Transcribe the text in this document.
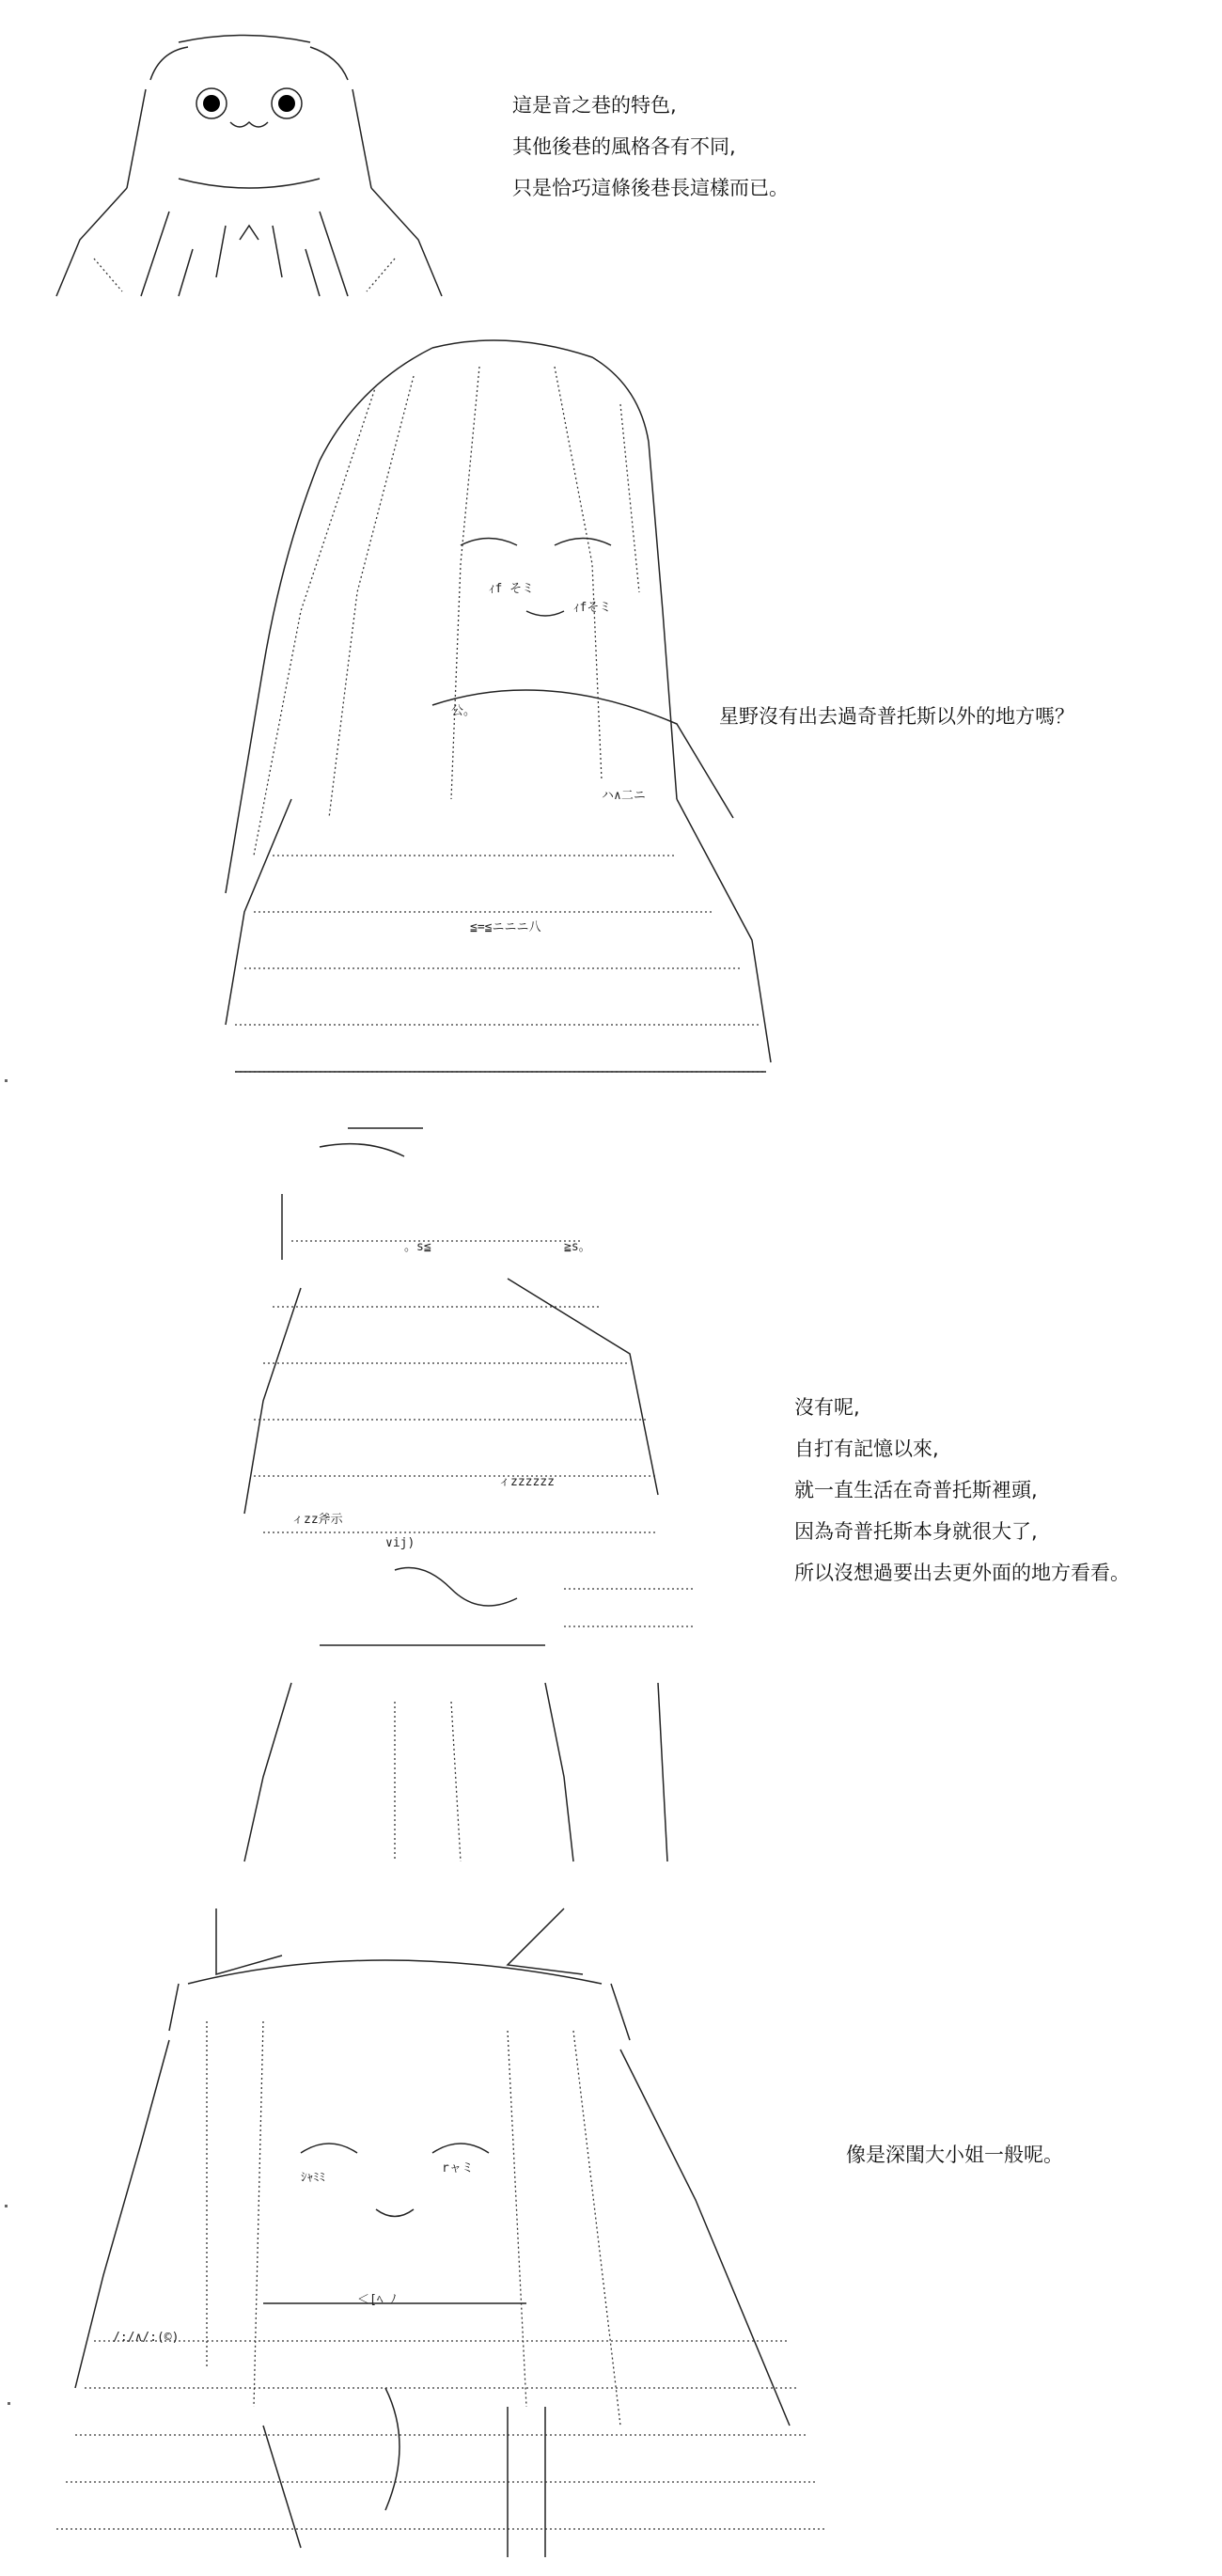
這是音之巷的特色,
其他後巷的風格各有不同,
只是恰巧這條後巷長這樣而已。
ｨf そミ
ｨfそミ
公。
ハ∧二ニ
≦=≦ニニニ八
星野沒有出去過奇普托斯以外的地方嗎？
。s≦	≧s。
ィzz斧示
ィzzzzzz
∨ij)
沒有呢,
自打有記憶以來,
就一直生活在奇普托斯裡頭,
因為奇普托斯本身就很大了,
所以沒想過要出去更外面的地方看看。
ｼｬﾐﾐ
rャミ
/:/∧/:(©)
＜[ﾍ ﾉ
像是深閨大小姐一般呢。
